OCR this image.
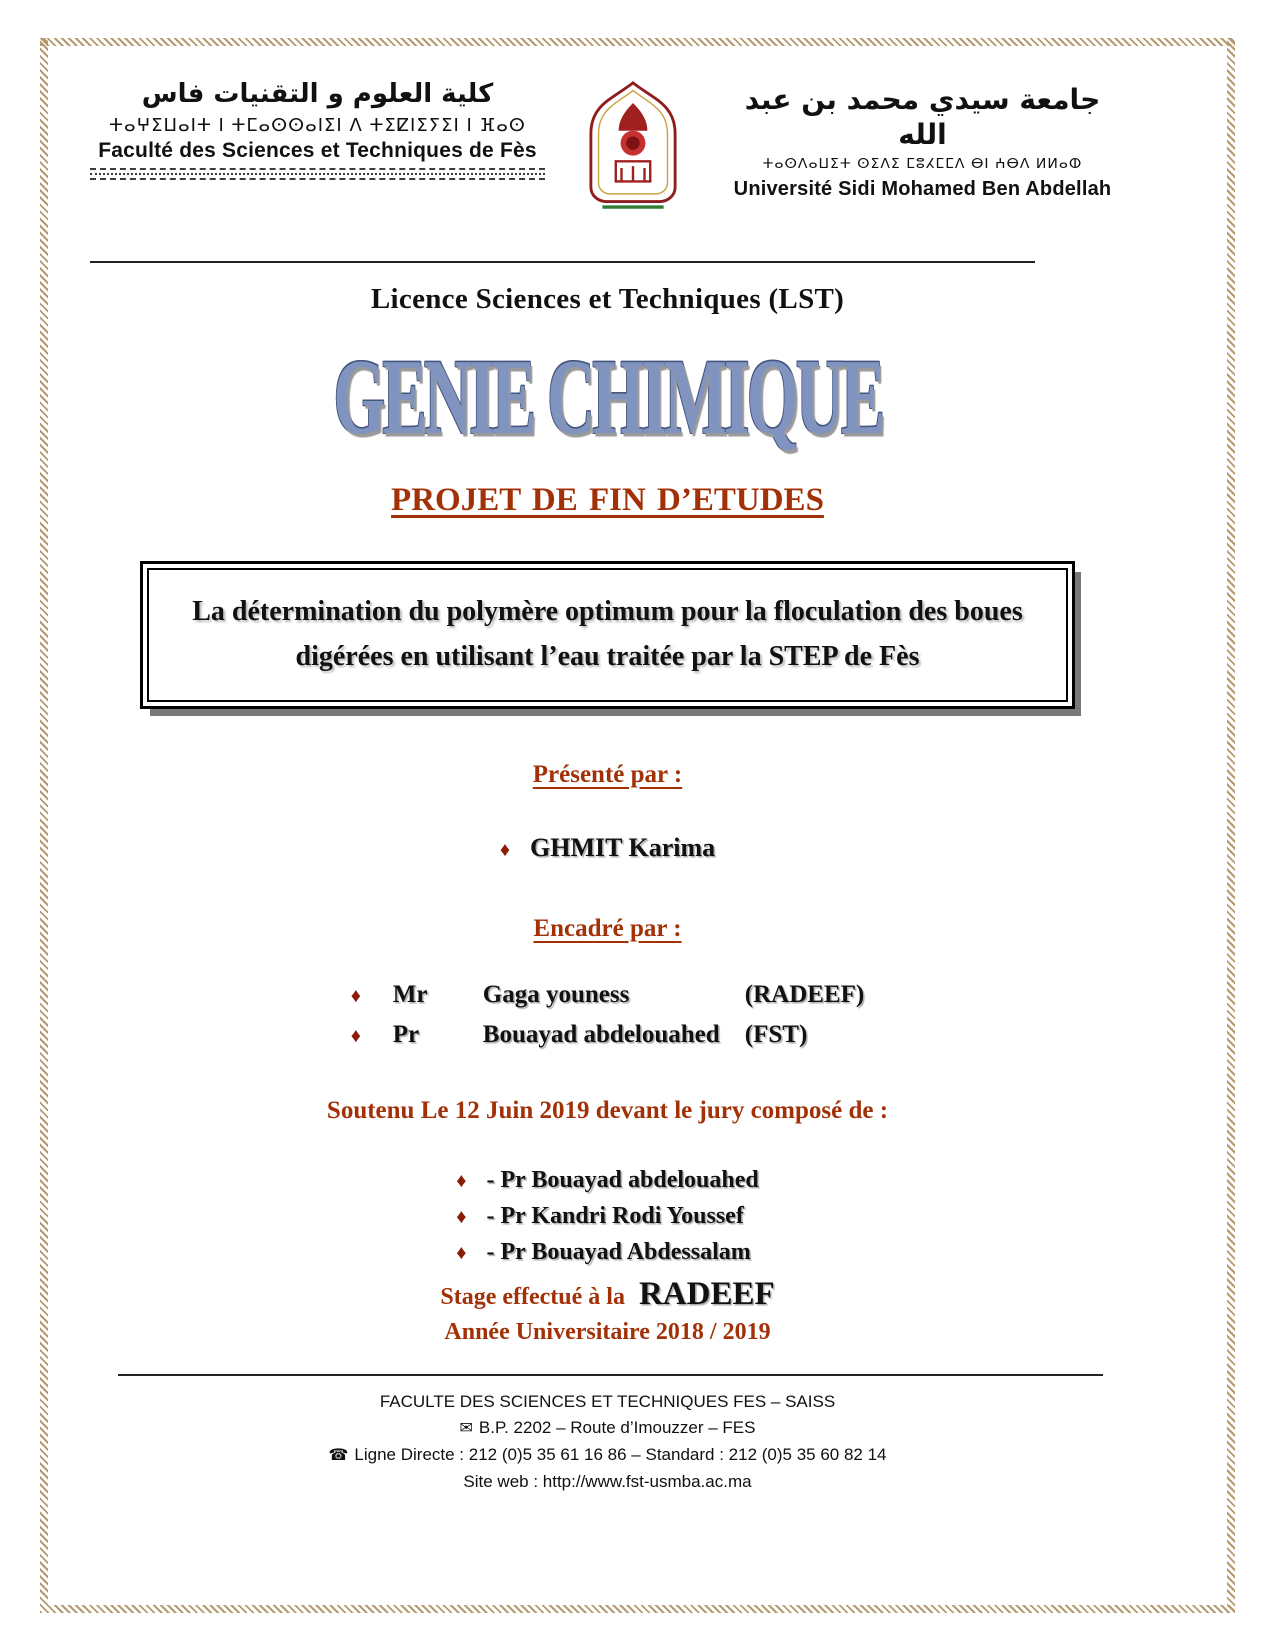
كلية العلوم و التقنيات فاس
ⵜⴰⵖⵉⵡⴰⵏⵜ ⵏ ⵜⵎⴰⵙⵙⴰⵏⵉⵏ ⴷ ⵜⵉⵇⵏⵉⵢⵉⵏ ⵏ ⴼⴰⵙ
Faculté des Sciences et Techniques de Fès
جامعة سيدي محمد بن عبد الله
ⵜⴰⵙⴷⴰⵡⵉⵜ ⵙⵉⴷⵉ ⵎⵓⵃⵎⵎⴷ ⴱⵏ ⵄⴱⴷ ⵍⵍⴰⵀ
Université Sidi Mohamed Ben Abdellah
Licence Sciences et Techniques (LST)
GENIE CHIMIQUE
PROJET DE FIN D’ETUDES

La détermination du polymère optimum pour la floculation des boues digérées en utilisant l’eau traitée par la STEP de Fès

Présenté par :

♦ GHMIT Karima

Encadré par :

♦	Mr	Gaga youness	(RADEEF)
♦	Pr	Bouayad abdelouahed	(FST)

Soutenu Le 12 Juin 2019 devant le jury composé de :

♦ - Pr Bouayad abdelouahed
♦ - Pr Kandri Rodi Youssef
♦ - Pr Bouayad Abdessalam

Stage effectué à la RADEEF

Année Universitaire 2018 / 2019

FACULTE DES SCIENCES ET TECHNIQUES FES – SAISS
✉ B.P. 2202 – Route d’Imouzzer – FES
☎ Ligne Directe : 212 (0)5 35 61 16 86 – Standard : 212 (0)5 35 60 82 14
Site web : http://www.fst-usmba.ac.ma
